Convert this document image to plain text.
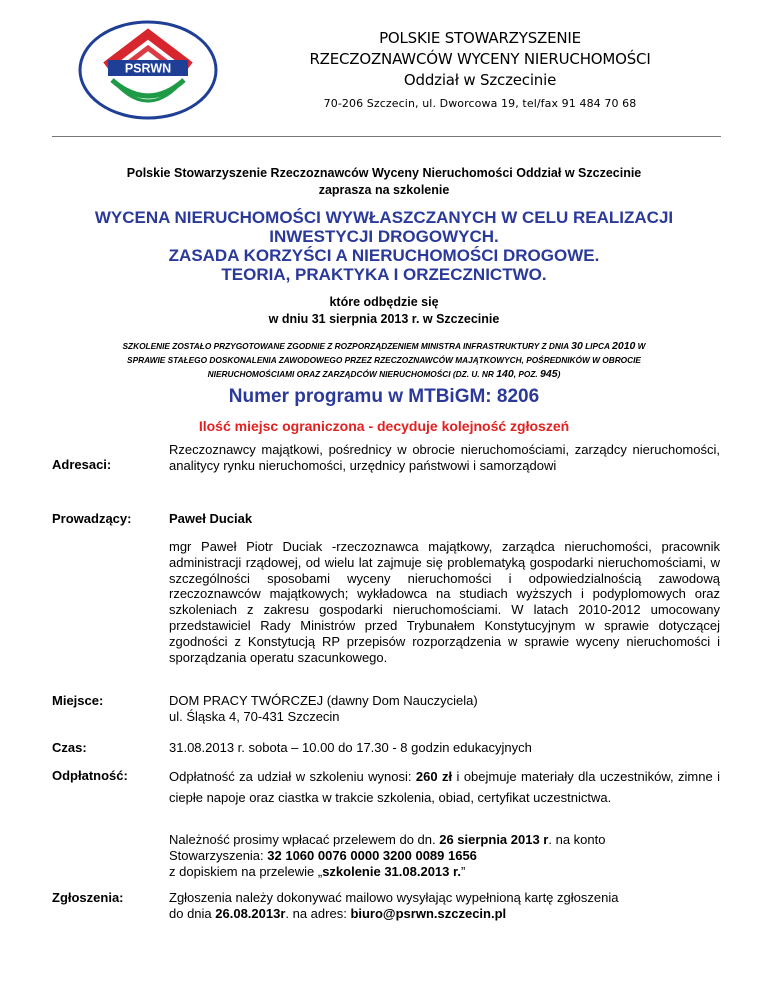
PSRWN
POLSKIE STOWARZYSZENIE
RZECZOZNAWCÓW WYCENY NIERUCHOMOŚCI
Oddział w Szczecinie
70-206 Szczecin, ul. Dworcowa 19, tel/fax 91 484 70 68
Polskie Stowarzyszenie Rzeczoznawców Wyceny Nieruchomości Oddział w Szczecinie
zaprasza na szkolenie
WYCENA NIERUCHOMOŚCI WYWŁASZCZANYCH W CELU REALIZACJI
INWESTYCJI DROGOWYCH.
ZASADA KORZYŚCI A NIERUCHOMOŚCI DROGOWE.
TEORIA, PRAKTYKA I ORZECZNICTWO.
które odbędzie się
w dniu 31 sierpnia 2013 r. w Szczecinie
SZKOLENIE ZOSTAŁO PRZYGOTOWANE ZGODNIE Z ROZPORZĄDZENIEM MINISTRA INFRASTRUKTURY Z DNIA 30 LIPCA 2010 W
SPRAWIE STAŁEGO DOSKONALENIA ZAWODOWEGO PRZEZ RZECZOZNAWCÓW MAJĄTKOWYCH, POŚREDNIKÓW W OBROCIE
NIERUCHOMOŚCIAMI ORAZ ZARZĄDCÓW NIERUCHOMOŚCI (DZ. U. NR 140, POZ. 945)
Numer programu w MTBiGM: 8206
Ilość miejsc ograniczona - decyduje kolejność zgłoszeń
Adresaci:
Rzeczoznawcy majątkowi, pośrednicy w obrocie nieruchomościami, zarządcy nieruchomości, analitycy rynku nieruchomości, urzędnicy państwowi i samorządowi
Prowadzący:	Paweł Duciak
mgr Paweł Piotr Duciak -rzeczoznawca majątkowy, zarządca nieruchomości, pracownik administracji rządowej, od wielu lat zajmuje się problematyką gospodarki nieruchomościami, w szczególności sposobami wyceny nieruchomości i odpowiedzialnością zawodową rzeczoznawców majątkowych; wykładowca na studiach wyższych i podyplomowych oraz szkoleniach z zakresu gospodarki nieruchomościami. W latach 2010-2012 umocowany przedstawiciel Rady Ministrów przed Trybunałem Konstytucyjnym w sprawie dotyczącej zgodności z Konstytucją RP przepisów rozporządzenia w sprawie wyceny nieruchomości i sporządzania operatu szacunkowego.
Miejsce:	DOM PRACY TWÓRCZEJ (dawny Dom Nauczyciela)
ul. Śląska 4, 70-431 Szczecin
Czas:	31.08.2013 r. sobota – 10.00 do 17.30 - 8 godzin edukacyjnych
Odpłatność:	Odpłatność za udział w szkoleniu wynosi: 260 zł i obejmuje materiały dla uczestników, zimne i ciepłe napoje oraz ciastka w trakcie szkolenia, obiad, certyfikat uczestnictwa.
Należność prosimy wpłacać przelewem do dn. 26 sierpnia 2013 r. na konto
Stowarzyszenia: 32 1060 0076 0000 3200 0089 1656
z dopiskiem na przelewie „szkolenie 31.08.2013 r.”
Zgłoszenia:	Zgłoszenia należy dokonywać mailowo wysyłając wypełnioną kartę zgłoszenia
do dnia 26.08.2013r. na adres: biuro@psrwn.szczecin.pl
